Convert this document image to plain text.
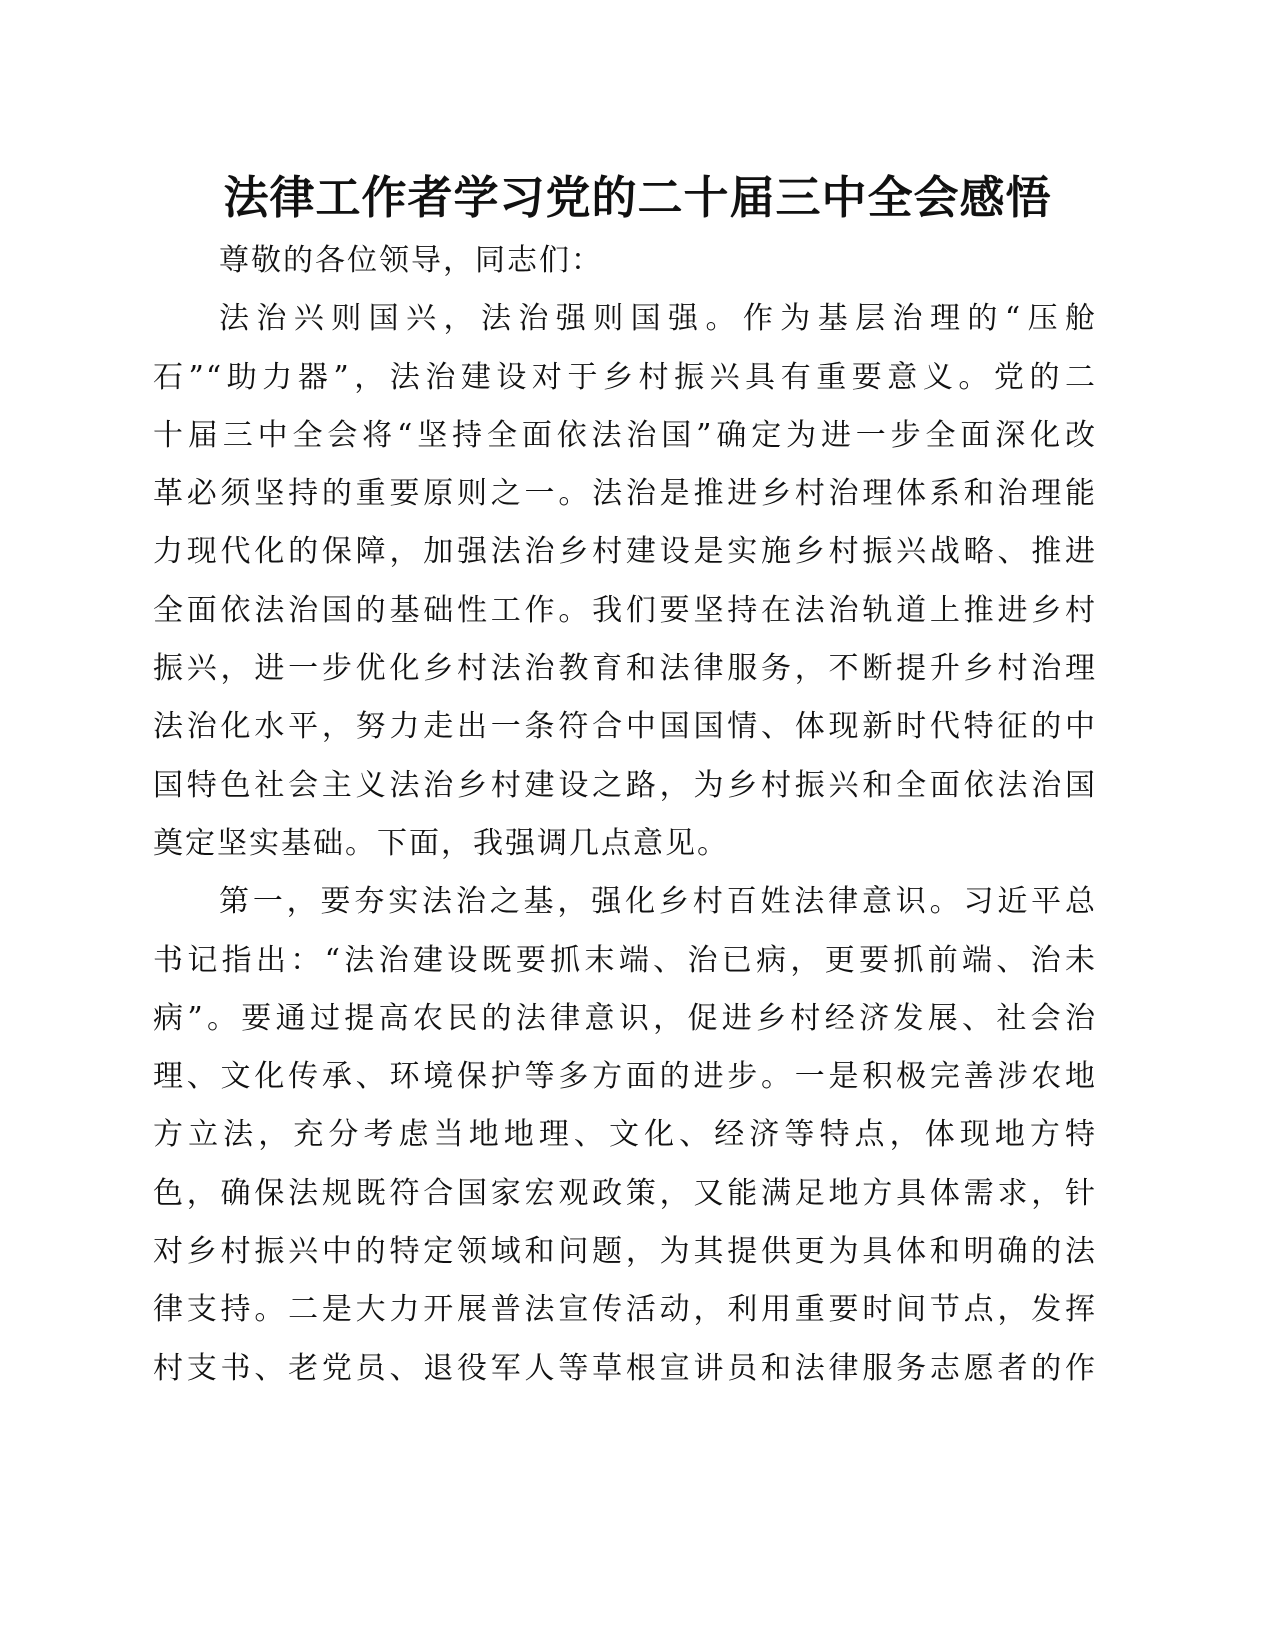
法律工作者学习党的二十届三中全会感悟
尊敬的各位领导，同志们：
法治兴则国兴，法治强则国强。作为基层治理的“压舱
石”“助力器”，法治建设对于乡村振兴具有重要意义。党的二
十届三中全会将“坚持全面依法治国”确定为进一步全面深化改
革必须坚持的重要原则之一。法治是推进乡村治理体系和治理能
力现代化的保障，加强法治乡村建设是实施乡村振兴战略、推进
全面依法治国的基础性工作。我们要坚持在法治轨道上推进乡村
振兴，进一步优化乡村法治教育和法律服务，不断提升乡村治理
法治化水平，努力走出一条符合中国国情、体现新时代特征的中
国特色社会主义法治乡村建设之路，为乡村振兴和全面依法治国
奠定坚实基础。下面，我强调几点意见。
第一，要夯实法治之基，强化乡村百姓法律意识。习近平总
书记指出：“法治建设既要抓末端、治已病，更要抓前端、治未
病”。要通过提高农民的法律意识，促进乡村经济发展、社会治
理、文化传承、环境保护等多方面的进步。一是积极完善涉农地
方立法，充分考虑当地地理、文化、经济等特点，体现地方特
色，确保法规既符合国家宏观政策，又能满足地方具体需求，针
对乡村振兴中的特定领域和问题，为其提供更为具体和明确的法
律支持。二是大力开展普法宣传活动，利用重要时间节点，发挥
村支书、老党员、退役军人等草根宣讲员和法律服务志愿者的作
